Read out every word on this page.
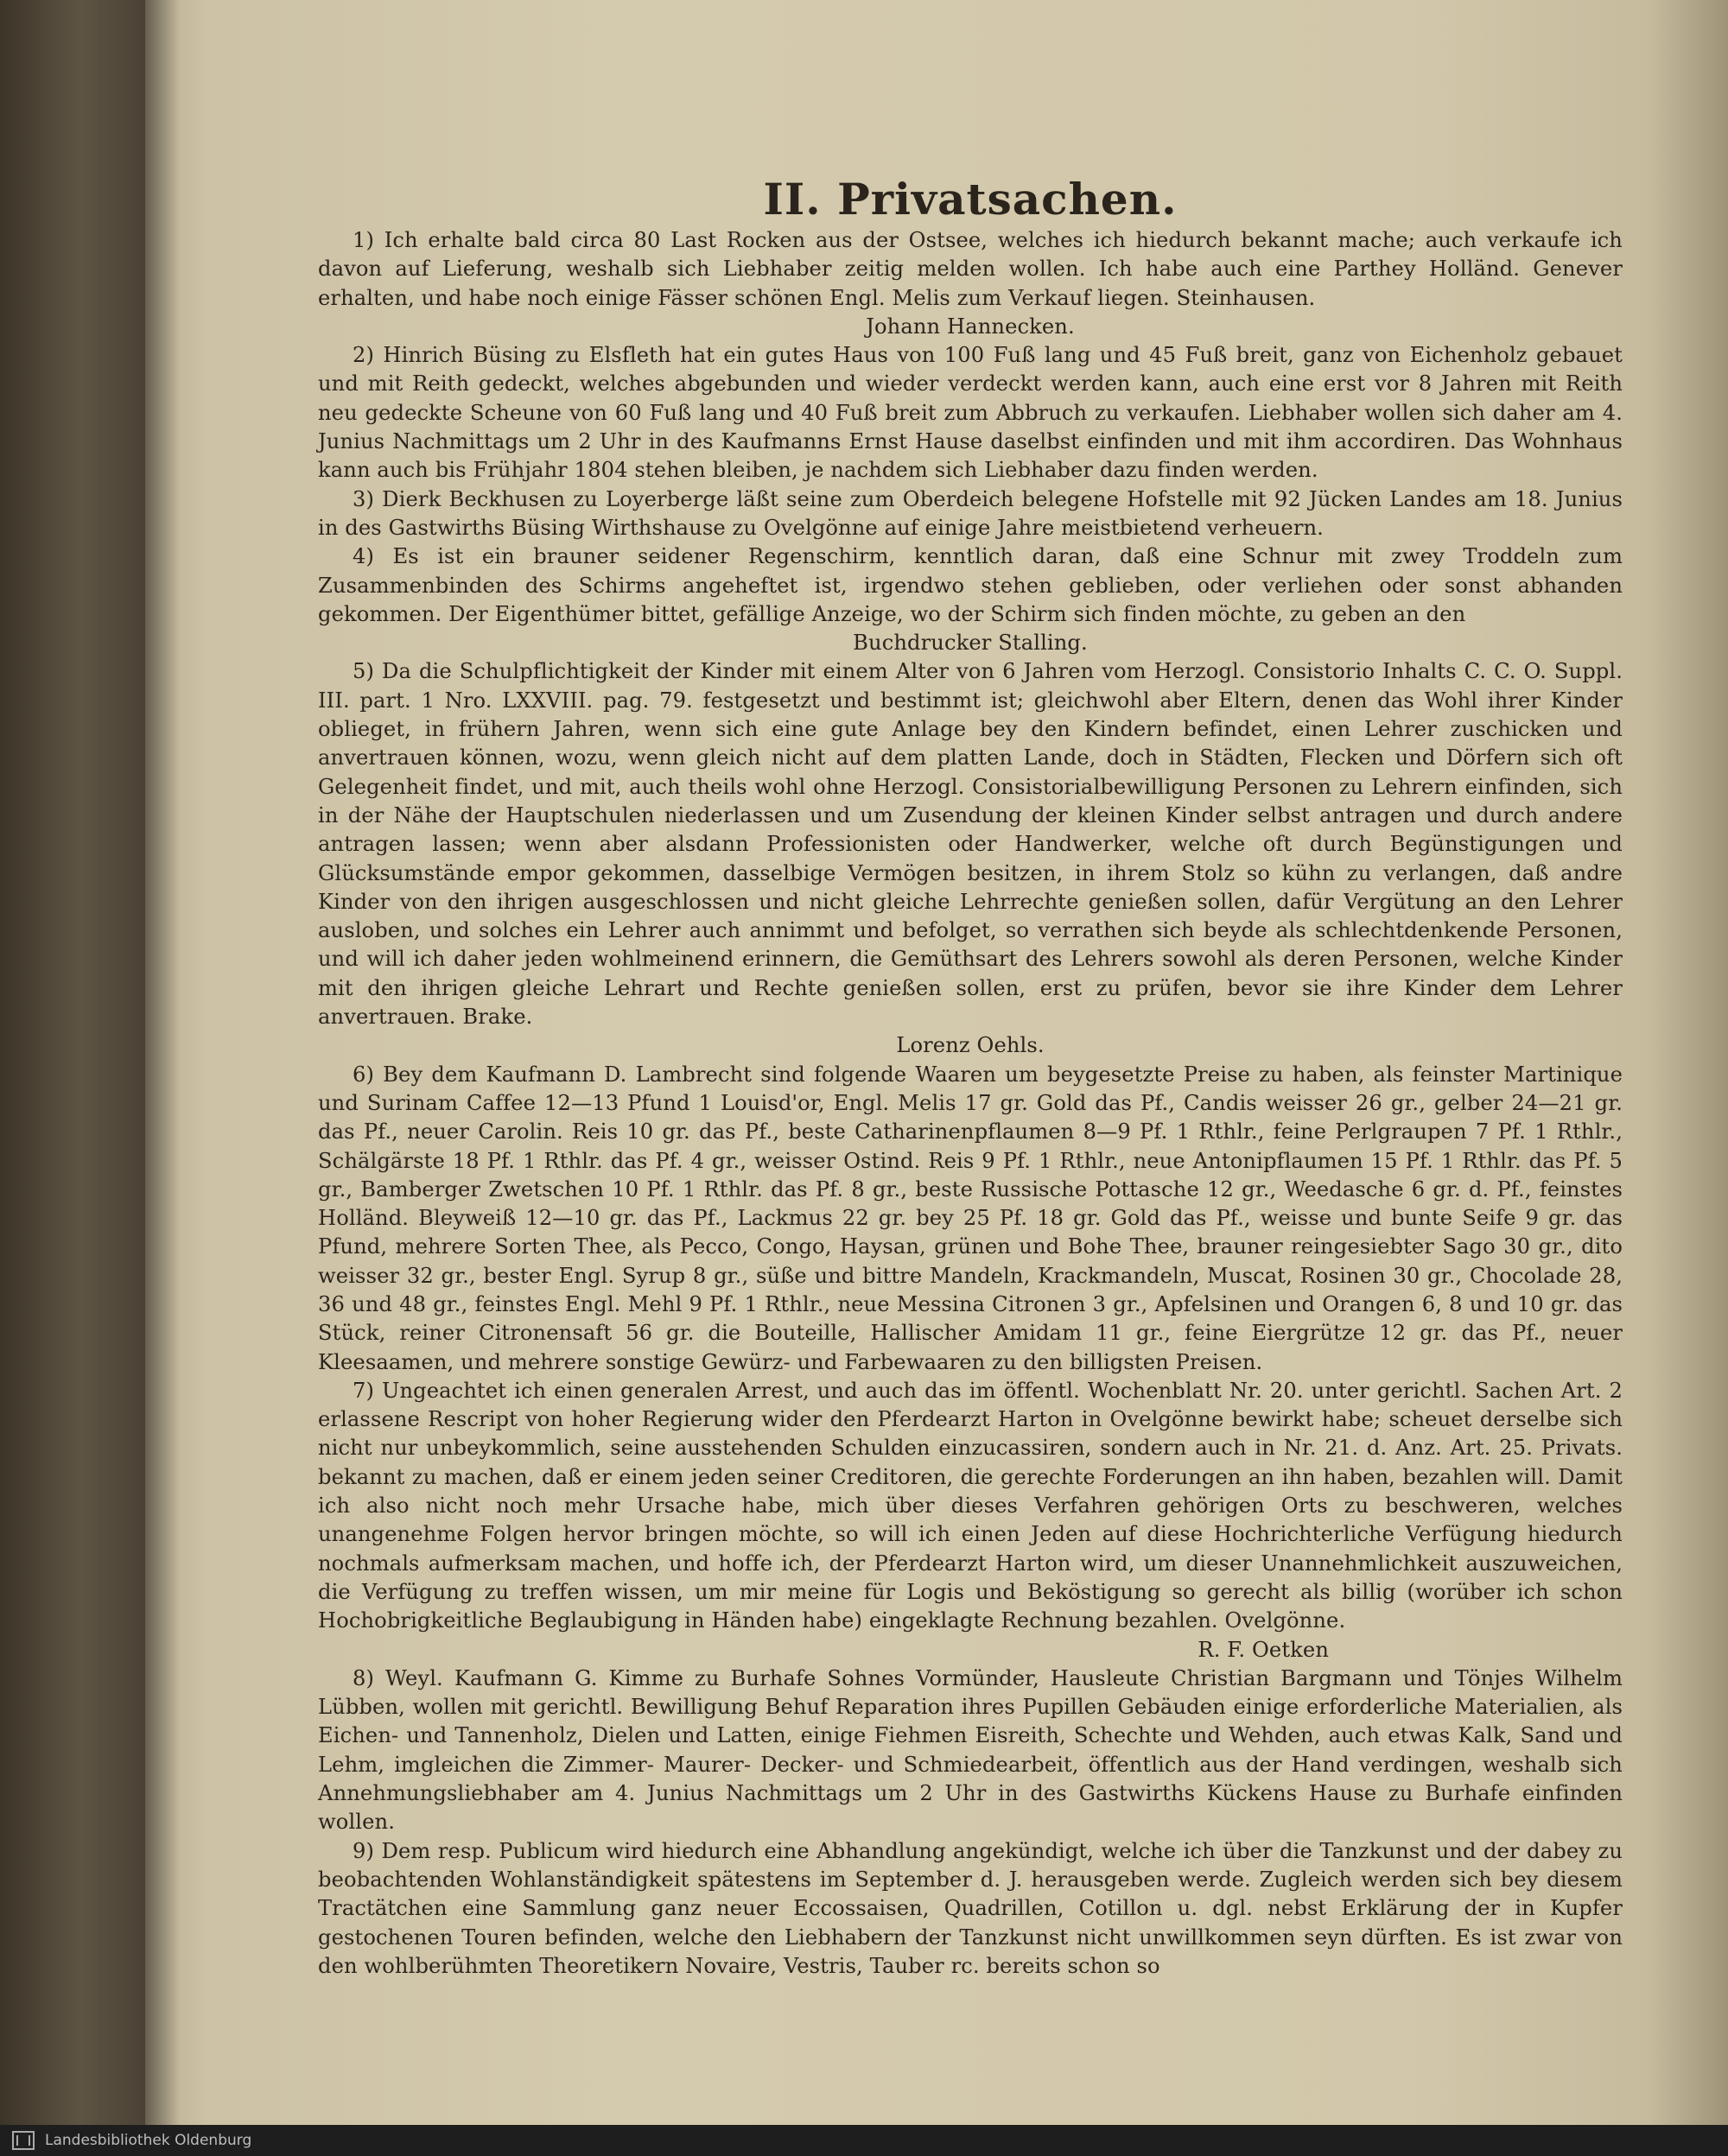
II. Privatsachen.

1) Ich erhalte bald circa 80 Last Rocken aus der Ostsee, welches ich hiedurch bekannt mache; auch verkaufe ich davon auf Lieferung, weshalb sich Liebhaber zeitig melden wollen. Ich habe auch eine Parthey Holländ. Genever erhalten, und habe noch einige Fässer schönen Engl. Melis zum Verkauf liegen. Steinhausen.

Johann Hannecken.

2) Hinrich Büsing zu Elsfleth hat ein gutes Haus von 100 Fuß lang und 45 Fuß breit, ganz von Eichenholz gebauet und mit Reith gedeckt, welches abgebunden und wieder verdeckt werden kann, auch eine erst vor 8 Jahren mit Reith neu gedeckte Scheune von 60 Fuß lang und 40 Fuß breit zum Abbruch zu verkaufen. Liebhaber wollen sich daher am 4. Junius Nachmittags um 2 Uhr in des Kaufmanns Ernst Hause daselbst einfinden und mit ihm accordiren. Das Wohnhaus kann auch bis Frühjahr 1804 stehen bleiben, je nachdem sich Liebhaber dazu finden werden.

3) Dierk Beckhusen zu Loyerberge läßt seine zum Oberdeich belegene Hofstelle mit 92 Jücken Landes am 18. Junius in des Gastwirths Büsing Wirthshause zu Ovelgönne auf einige Jahre meistbietend verheuern.

4) Es ist ein brauner seidener Regenschirm, kenntlich daran, daß eine Schnur mit zwey Troddeln zum Zusammenbinden des Schirms angeheftet ist, irgendwo stehen geblieben, oder verliehen oder sonst abhanden gekommen. Der Eigenthümer bittet, gefällige Anzeige, wo der Schirm sich finden möchte, zu geben an den

Buchdrucker Stalling.

5) Da die Schulpflichtigkeit der Kinder mit einem Alter von 6 Jahren vom Herzogl. Consistorio Inhalts C. C. O. Suppl. III. part. 1 Nro. LXXVIII. pag. 79. festgesetzt und bestimmt ist; gleichwohl aber Eltern, denen das Wohl ihrer Kinder oblieget, in frühern Jahren, wenn sich eine gute Anlage bey den Kindern befindet, einen Lehrer zuschicken und anvertrauen können, wozu, wenn gleich nicht auf dem platten Lande, doch in Städten, Flecken und Dörfern sich oft Gelegenheit findet, und mit, auch theils wohl ohne Herzogl. Consistorialbewilligung Personen zu Lehrern einfinden, sich in der Nähe der Hauptschulen niederlassen und um Zusendung der kleinen Kinder selbst antragen und durch andere antragen lassen; wenn aber alsdann Professionisten oder Handwerker, welche oft durch Begünstigungen und Glücksumstände empor gekommen, dasselbige Vermögen besitzen, in ihrem Stolz so kühn zu verlangen, daß andre Kinder von den ihrigen ausgeschlossen und nicht gleiche Lehrrechte genießen sollen, dafür Vergütung an den Lehrer ausloben, und solches ein Lehrer auch annimmt und befolget, so verrathen sich beyde als schlechtdenkende Personen, und will ich daher jeden wohlmeinend erinnern, die Gemüthsart des Lehrers sowohl als deren Personen, welche Kinder mit den ihrigen gleiche Lehrart und Rechte genießen sollen, erst zu prüfen, bevor sie ihre Kinder dem Lehrer anvertrauen. Brake.

Lorenz Oehls.

6) Bey dem Kaufmann D. Lambrecht sind folgende Waaren um beygesetzte Preise zu haben, als feinster Martinique und Surinam Caffee 12—13 Pfund 1 Louisd'or, Engl. Melis 17 gr. Gold das Pf., Candis weisser 26 gr., gelber 24—21 gr. das Pf., neuer Carolin. Reis 10 gr. das Pf., beste Catharinenpflaumen 8—9 Pf. 1 Rthlr., feine Perlgraupen 7 Pf. 1 Rthlr., Schälgärste 18 Pf. 1 Rthlr. das Pf. 4 gr., weisser Ostind. Reis 9 Pf. 1 Rthlr., neue Antonipflaumen 15 Pf. 1 Rthlr. das Pf. 5 gr., Bamberger Zwetschen 10 Pf. 1 Rthlr. das Pf. 8 gr., beste Russische Pottasche 12 gr., Weedasche 6 gr. d. Pf., feinstes Holländ. Bleyweiß 12—10 gr. das Pf., Lackmus 22 gr. bey 25 Pf. 18 gr. Gold das Pf., weisse und bunte Seife 9 gr. das Pfund, mehrere Sorten Thee, als Pecco, Congo, Haysan, grünen und Bohe Thee, brauner reingesiebter Sago 30 gr., dito weisser 32 gr., bester Engl. Syrup 8 gr., süße und bittre Mandeln, Krackmandeln, Muscat, Rosinen 30 gr., Chocolade 28, 36 und 48 gr., feinstes Engl. Mehl 9 Pf. 1 Rthlr., neue Messina Citronen 3 gr., Apfelsinen und Orangen 6, 8 und 10 gr. das Stück, reiner Citronensaft 56 gr. die Bouteille, Hallischer Amidam 11 gr., feine Eiergrütze 12 gr. das Pf., neuer Kleesaamen, und mehrere sonstige Gewürz- und Farbewaaren zu den billigsten Preisen.

7) Ungeachtet ich einen generalen Arrest, und auch das im öffentl. Wochenblatt Nr. 20. unter gerichtl. Sachen Art. 2 erlassene Rescript von hoher Regierung wider den Pferdearzt Harton in Ovelgönne bewirkt habe; scheuet derselbe sich nicht nur unbeykommlich, seine ausstehenden Schulden einzucassiren, sondern auch in Nr. 21. d. Anz. Art. 25. Privats. bekannt zu machen, daß er einem jeden seiner Creditoren, die gerechte Forderungen an ihn haben, bezahlen will. Damit ich also nicht noch mehr Ursache habe, mich über dieses Verfahren gehörigen Orts zu beschweren, welches unangenehme Folgen hervor bringen möchte, so will ich einen Jeden auf diese Hochrichterliche Verfügung hiedurch nochmals aufmerksam machen, und hoffe ich, der Pferdearzt Harton wird, um dieser Unannehmlichkeit auszuweichen, die Verfügung zu treffen wissen, um mir meine für Logis und Beköstigung so gerecht als billig (worüber ich schon Hochobrigkeitliche Beglaubigung in Händen habe) eingeklagte Rechnung bezahlen. Ovelgönne.

R. F. Oetken

8) Weyl. Kaufmann G. Kimme zu Burhafe Sohnes Vormünder, Hausleute Christian Bargmann und Tönjes Wilhelm Lübben, wollen mit gerichtl. Bewilligung Behuf Reparation ihres Pupillen Gebäuden einige erforderliche Materialien, als Eichen- und Tannenholz, Dielen und Latten, einige Fiehmen Eisreith, Schechte und Wehden, auch etwas Kalk, Sand und Lehm, imgleichen die Zimmer- Maurer- Decker- und Schmiedearbeit, öffentlich aus der Hand verdingen, weshalb sich Annehmungsliebhaber am 4. Junius Nachmittags um 2 Uhr in des Gastwirths Kückens Hause zu Burhafe einfinden wollen.

9) Dem resp. Publicum wird hiedurch eine Abhandlung angekündigt, welche ich über die Tanzkunst und der dabey zu beobachtenden Wohlanständigkeit spätestens im September d. J. herausgeben werde. Zugleich werden sich bey diesem Tractätchen eine Sammlung ganz neuer Eccossaisen, Quadrillen, Cotillon u. dgl. nebst Erklärung der in Kupfer gestochenen Touren befinden, welche den Liebhabern der Tanzkunst nicht unwillkommen seyn dürften. Es ist zwar von den wohlberühmten Theoretikern Novaire, Vestris, Tauber rc. bereits schon so

Landesbibliothek Oldenburg
